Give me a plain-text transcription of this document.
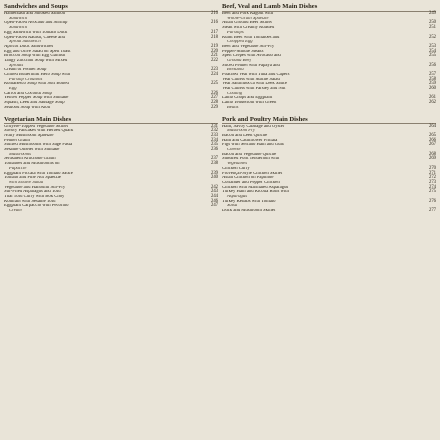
Sandwiches and Soups
Hamentash and Smoked Salmon	216
Sandwich
Open-Faced Avocado and Shrimp	216
Sandwich
Egg Sandwich with Tomato Duck	217
Open-Faced Radish, Cheese and	218
Sprout Sandwich
Apricot Duck Sandwiches	219
Egg and Olive Salad on Spelt Toast	220
Broccoli Soup with Egg Garnish	221
Tangy Zucchini Soup with Mixed	222
Sprouts
Cream of Fennel Soup	223
Chilled Buttermilk Herb Soup with	224
Parsnip Croutons
Romanesco Soup with Soft Boiled	225
Egg
Carrot and Coconut Soup	226
Yellow Pepper Soup with Shiitake	227
Squash, Leek and Sausage Soup	228
Seafood Soup with Aioli	229
Vegetarian Main Dishes
Gruyère-Topped Vegetable Skillet	231
Savory Pancakes with Herbed Quark	232
Nutty Mushroom Spaetzle	233
Fennel Gratin	234
Stuffed Mushrooms with Sage Pasta	235
Sesame Omelet with Shiitake	236
Mushrooms
Jerusalem Artichoke Gratin	237
Tomatoes and Mushrooms on	238
Papaccie
Eggplant Piccata with Tomato Sauce	239
Tomato and Pine Nut Spaetzle	240
with Endive Salad
Vegetable and Halloumi Stir-Fry	242
Stir-Fried Asparagus and Tofu	243
Thai Tofu Curry with Bok Choy	244
Kohlrabi with Sesame Tofu	246
Eggplant Carpaccio with Pecorino	247
Cream
Beef, Veal and Lamb Main Dishes
Beef and Pork Ragout with	249
Whole-Grain Spaetzle
Asian Ground Beef Skillet	250
Steak with Creamy Roasted	251
Parsnips
Roast Beef with Tomatoes and	252
Chopped Egg
Beef and Vegetable Stir-Fry	253
Pepper-Minute Steaks	254
Spelt Crêpes with Avocado and	255
Ground Beef
Sliced Fennel with Papaya and	256
Bresaola
Poached Veal with Tuna and Capers	257
Veal Cutlets with Mache Salad	258
Veal Saltimbocca with Leek Sauce	259
Veal Cutlets with Parsley and Nut	260
Coating
Lamb Chops and Eggplant	261
Lamb Tenderloin with Green	262
Beans
Pork and Poultry Main Dishes
Ham, Savoy Cabbage and Oyster	264
Mushroom Fry
Bacon and Leek Quiche	265
Ham and Cauliflower Frittata	266
Figs with Serrano Ham and Goat	267
Cheese
Bacon and Vegetable Quiche	268
Smeared Pork Tenderloin with	269
Vegetables
Chicken Curry	270
Provençal-Style Chicken Skillet	271
Asian Chicken on Papillote	272
Coriander and Pepper Chicken	273
Chicken with Marinated Asparagus	274
Turkey Ham and Ricotta Rolls with	275
Asparagus
Turkey Kebabs with Tomato	276
Salsa
Duck and Mushroom Skillet	277
